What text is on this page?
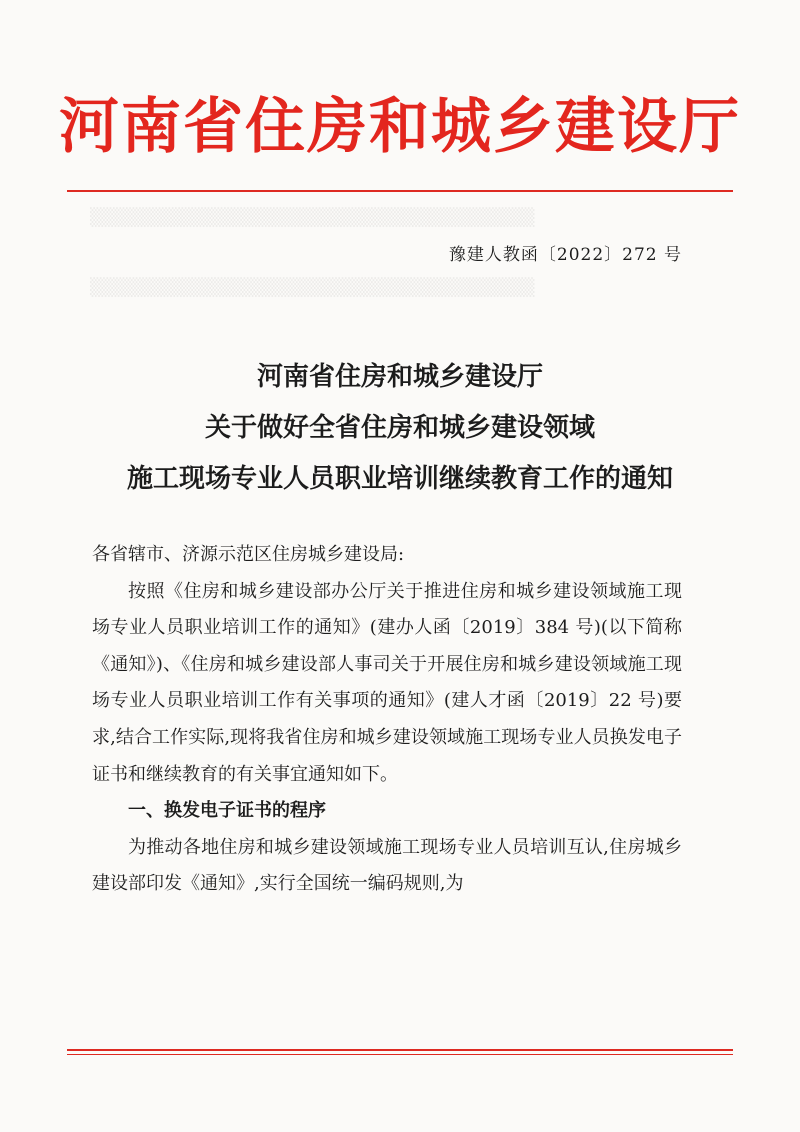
▒▒▒▒▒▒▒▒▒▒▒▒▒▒▒▒▒▒▒▒▒▒▒▒▒▒▒▒▒▒▒▒▒▒
▒▒▒▒▒▒▒▒▒▒▒▒▒▒▒▒▒▒▒▒▒▒▒▒▒▒▒▒▒▒▒▒▒▒
河南省住房和城乡建设厅
豫建人教函〔2022〕272 号
河南省住房和城乡建设厅
关于做好全省住房和城乡建设领域
施工现场专业人员职业培训继续教育工作的通知

各省辖市、济源示范区住房城乡建设局:

按照《住房和城乡建设部办公厅关于推进住房和城乡建设领域施工现场专业人员职业培训工作的通知》(建办人函〔2019〕384 号)(以下简称《通知》)、《住房和城乡建设部人事司关于开展住房和城乡建设领域施工现场专业人员职业培训工作有关事项的通知》(建人才函〔2019〕22 号)要求,结合工作实际,现将我省住房和城乡建设领域施工现场专业人员换发电子证书和继续教育的有关事宜通知如下。

一、换发电子证书的程序

为推动各地住房和城乡建设领域施工现场专业人员培训互认,住房城乡建设部印发《通知》,实行全国统一编码规则,为
